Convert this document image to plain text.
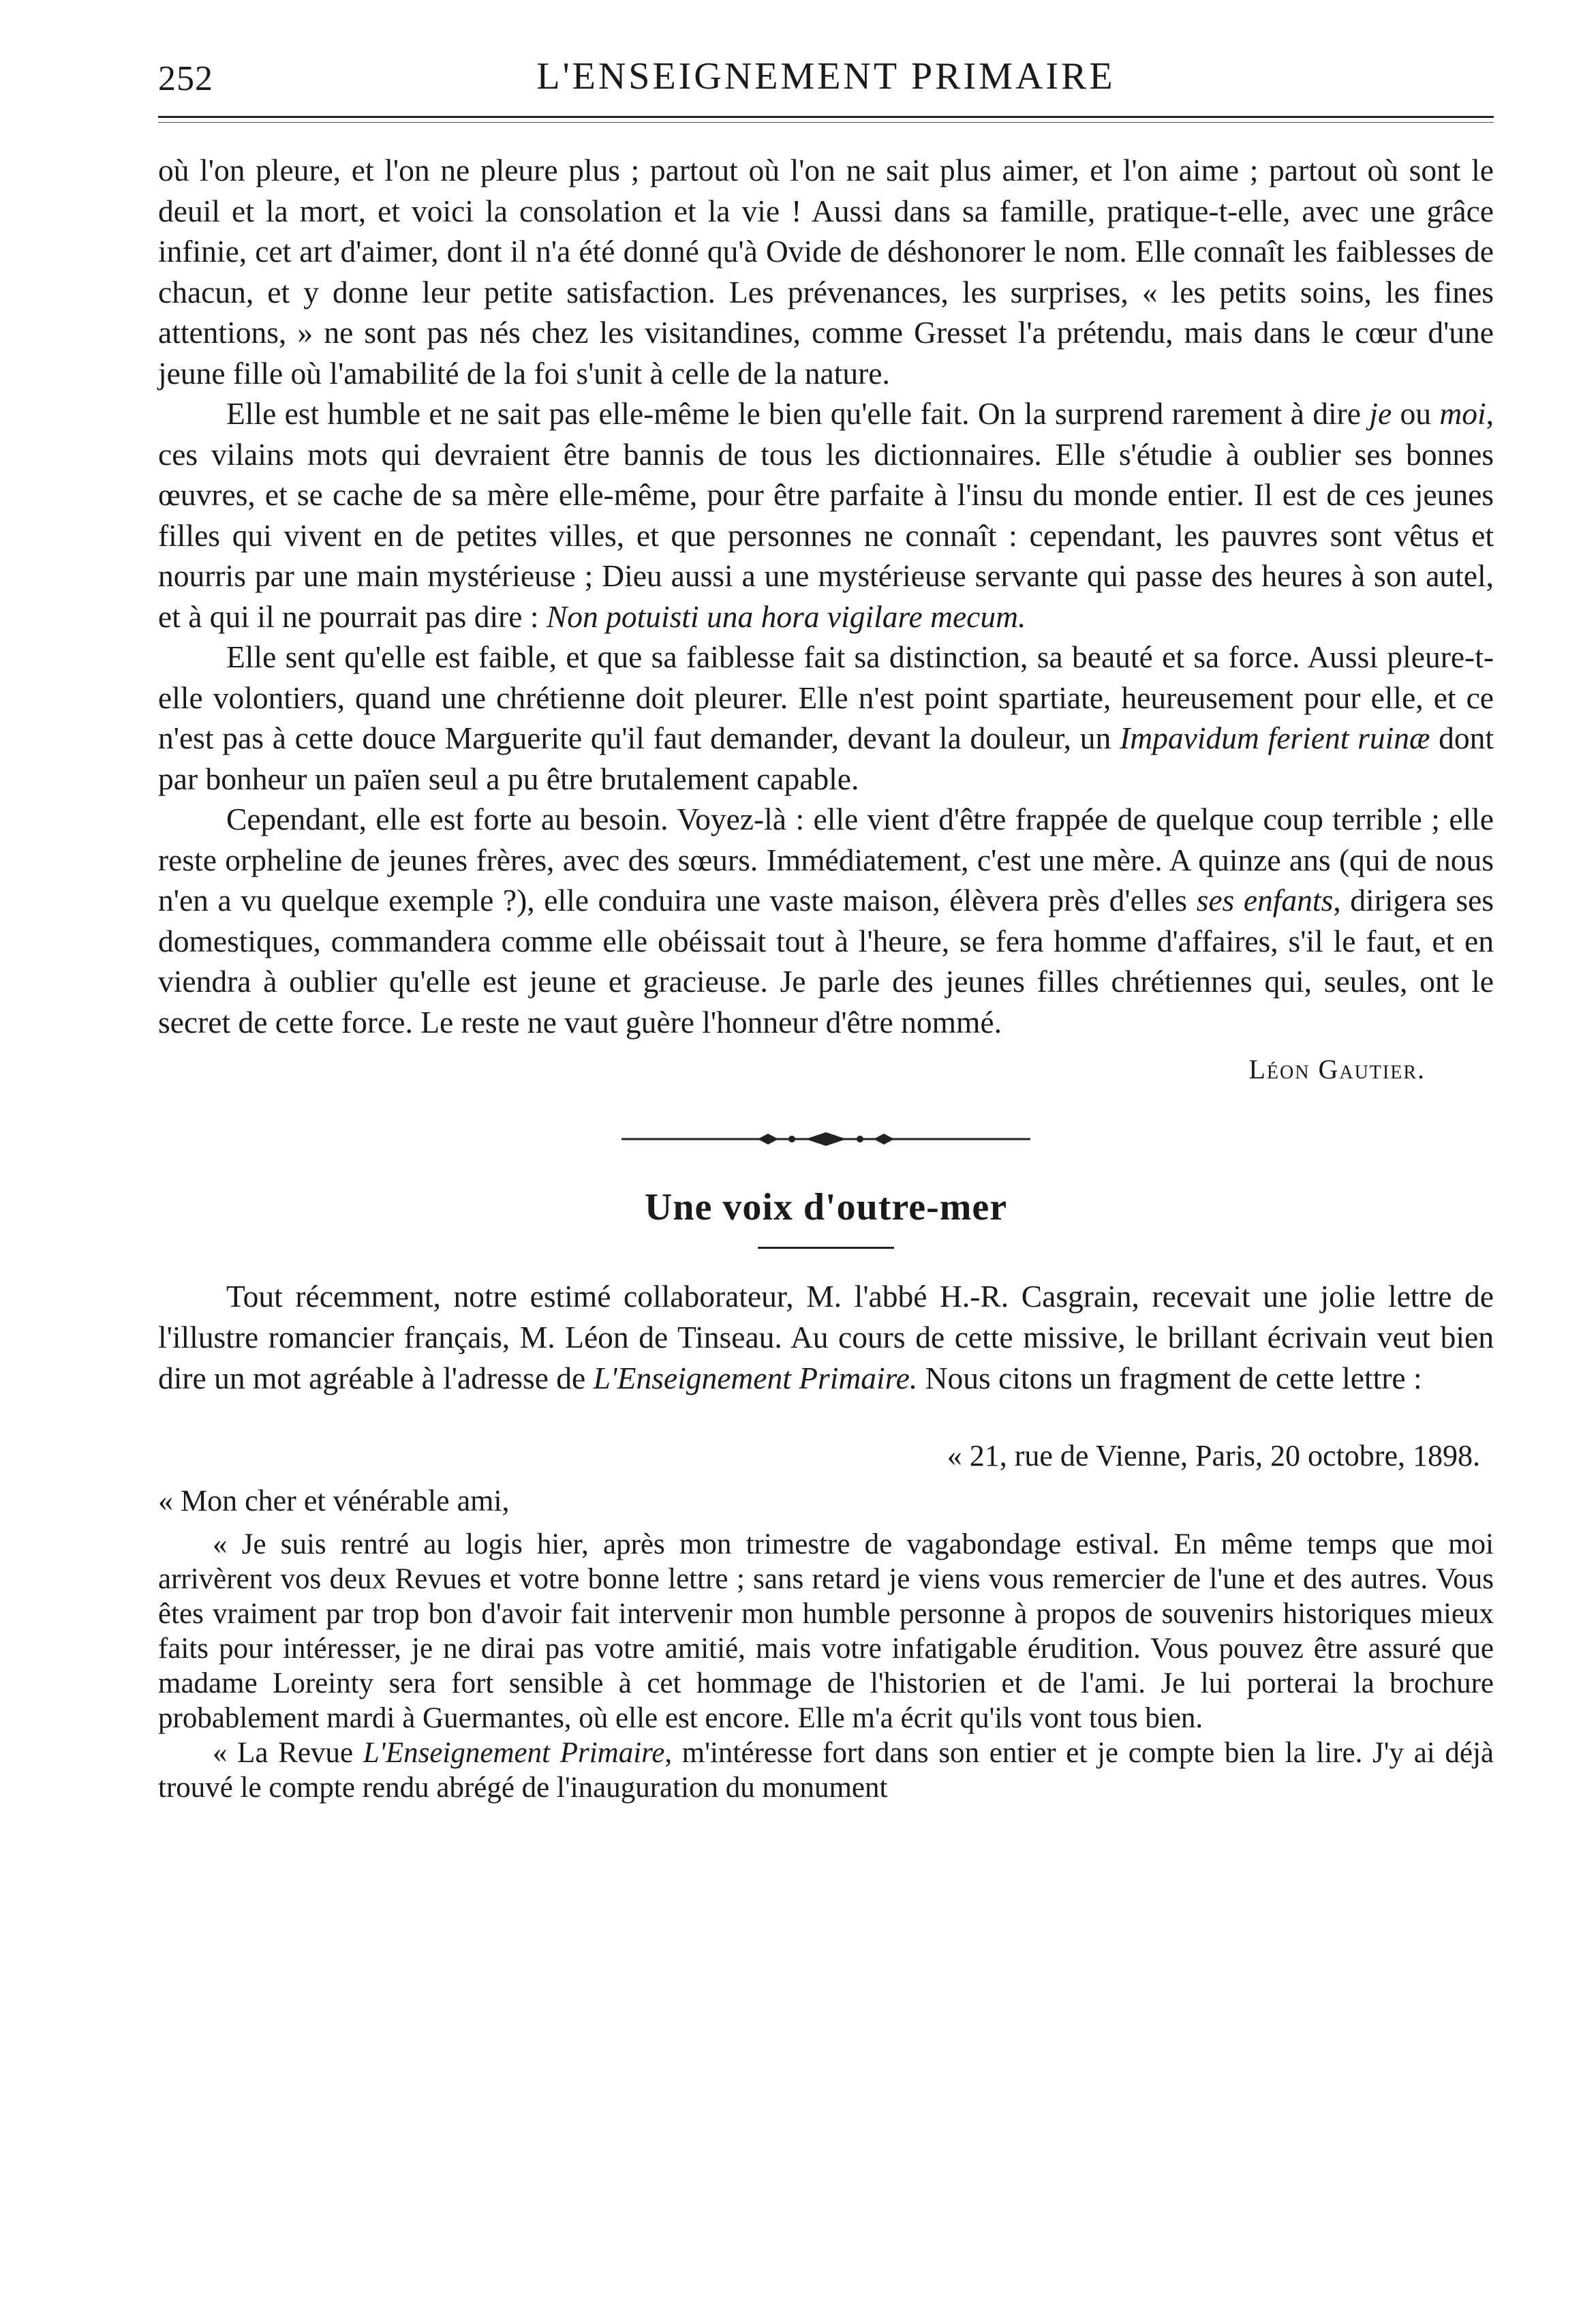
252	L'ENSEIGNEMENT PRIMAIRE

où l'on pleure, et l'on ne pleure plus ; partout où l'on ne sait plus aimer, et l'on aime ; partout où sont le deuil et la mort, et voici la consolation et la vie ! Aussi dans sa famille, pratique-t-elle, avec une grâce infinie, cet art d'aimer, dont il n'a été donné qu'à Ovide de déshonorer le nom. Elle connaît les faiblesses de chacun, et y donne leur petite satisfaction. Les prévenances, les surprises, « les petits soins, les fines attentions, » ne sont pas nés chez les visitandines, comme Gresset l'a prétendu, mais dans le cœur d'une jeune fille où l'amabilité de la foi s'unit à celle de la nature.

Elle est humble et ne sait pas elle-même le bien qu'elle fait. On la surprend rarement à dire je ou moi, ces vilains mots qui devraient être bannis de tous les dictionnaires. Elle s'étudie à oublier ses bonnes œuvres, et se cache de sa mère elle-même, pour être parfaite à l'insu du monde entier. Il est de ces jeunes filles qui vivent en de petites villes, et que personnes ne connaît : cependant, les pauvres sont vêtus et nourris par une main mystérieuse ; Dieu aussi a une mystérieuse servante qui passe des heures à son autel, et à qui il ne pourrait pas dire : Non potuisti una hora vigilare mecum.

Elle sent qu'elle est faible, et que sa faiblesse fait sa distinction, sa beauté et sa force. Aussi pleure-t-elle volontiers, quand une chrétienne doit pleurer. Elle n'est point spartiate, heureusement pour elle, et ce n'est pas à cette douce Marguerite qu'il faut demander, devant la douleur, un Impavidum ferient ruinæ dont par bonheur un païen seul a pu être brutalement capable.

Cependant, elle est forte au besoin. Voyez-là : elle vient d'être frappée de quelque coup terrible ; elle reste orpheline de jeunes frères, avec des sœurs. Immédiatement, c'est une mère. A quinze ans (qui de nous n'en a vu quelque exemple ?), elle conduira une vaste maison, élèvera près d'elles ses enfants, dirigera ses domestiques, commandera comme elle obéissait tout à l'heure, se fera homme d'affaires, s'il le faut, et en viendra à oublier qu'elle est jeune et gracieuse. Je parle des jeunes filles chrétiennes qui, seules, ont le secret de cette force. Le reste ne vaut guère l'honneur d'être nommé.

Léon Gautier.
Une voix d'outre-mer

Tout récemment, notre estimé collaborateur, M. l'abbé H.-R. Casgrain, recevait une jolie lettre de l'illustre romancier français, M. Léon de Tinseau. Au cours de cette missive, le brillant écrivain veut bien dire un mot agréable à l'adresse de L'Enseignement Primaire. Nous citons un fragment de cette lettre :

« 21, rue de Vienne, Paris, 20 octobre, 1898.
« Mon cher et vénérable ami,

« Je suis rentré au logis hier, après mon trimestre de vagabondage estival. En même temps que moi arrivèrent vos deux Revues et votre bonne lettre ; sans retard je viens vous remercier de l'une et des autres. Vous êtes vraiment par trop bon d'avoir fait intervenir mon humble personne à propos de souvenirs historiques mieux faits pour intéresser, je ne dirai pas votre amitié, mais votre infatigable érudition. Vous pouvez être assuré que madame Loreinty sera fort sensible à cet hommage de l'historien et de l'ami. Je lui porterai la brochure probablement mardi à Guermantes, où elle est encore. Elle m'a écrit qu'ils vont tous bien.

« La Revue L'Enseignement Primaire, m'intéresse fort dans son entier et je compte bien la lire. J'y ai déjà trouvé le compte rendu abrégé de l'inauguration du monument
